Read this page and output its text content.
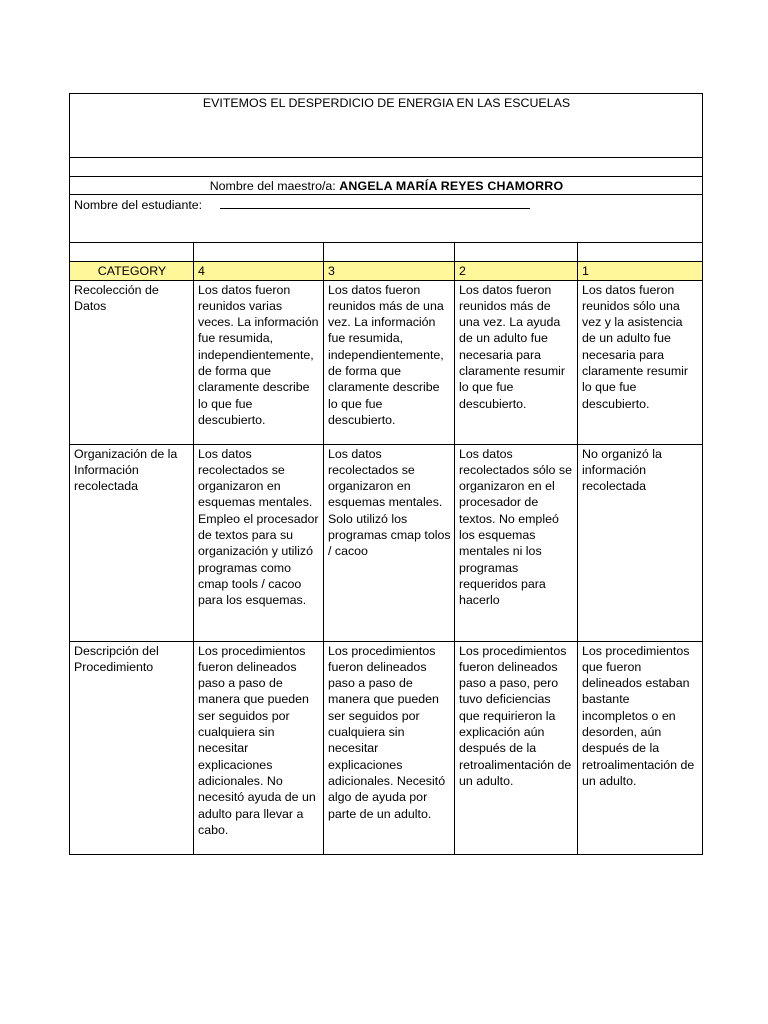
EVITEMOS EL DESPERDICIO DE ENERGIA EN LAS ESCUELAS				

Nombre del maestro/a: ANGELA MARÍA REYES CHAMORRO				
Nombre del estudiante:				

CATEGORY	4	3	2	1
Recolección de Datos	Los datos fueron reunidos varias veces. La información fue resumida, independientemente, de forma que claramente describe lo que fue descubierto.	Los datos fueron reunidos más de una vez. La información fue resumida, independientemente, de forma que claramente describe lo que fue descubierto.	Los datos fueron reunidos más de una vez. La ayuda de un adulto fue necesaria para claramente resumir lo que fue descubierto.	Los datos fueron reunidos sólo una vez y la asistencia de un adulto fue necesaria para claramente resumir lo que fue descubierto.
Organización de la Información recolectada	Los datos recolectados se organizaron en esquemas mentales. Empleo el procesador de textos para su organización y utilizó programas como cmap tools / cacoo para los esquemas.	Los datos recolectados se organizaron en esquemas mentales. Solo utilizó los programas cmap tolos / cacoo	Los datos recolectados sólo se organizaron en el procesador de textos. No empleó los esquemas mentales ni los programas requeridos para hacerlo	No organizó la información recolectada
Descripción del Procedimiento	Los procedimientos fueron delineados paso a paso de manera que pueden ser seguidos por cualquiera sin necesitar explicaciones adicionales. No necesitó ayuda de un adulto para llevar a cabo.	Los procedimientos fueron delineados paso a paso de manera que pueden ser seguidos por cualquiera sin necesitar explicaciones adicionales. Necesitó algo de ayuda por parte de un adulto.	Los procedimientos fueron delineados paso a paso, pero tuvo deficiencias que requirieron la explicación aún después de la retroalimentación de un adulto.	Los procedimientos que fueron delineados estaban bastante incompletos o en desorden, aún después de la retroalimentación de un adulto.
